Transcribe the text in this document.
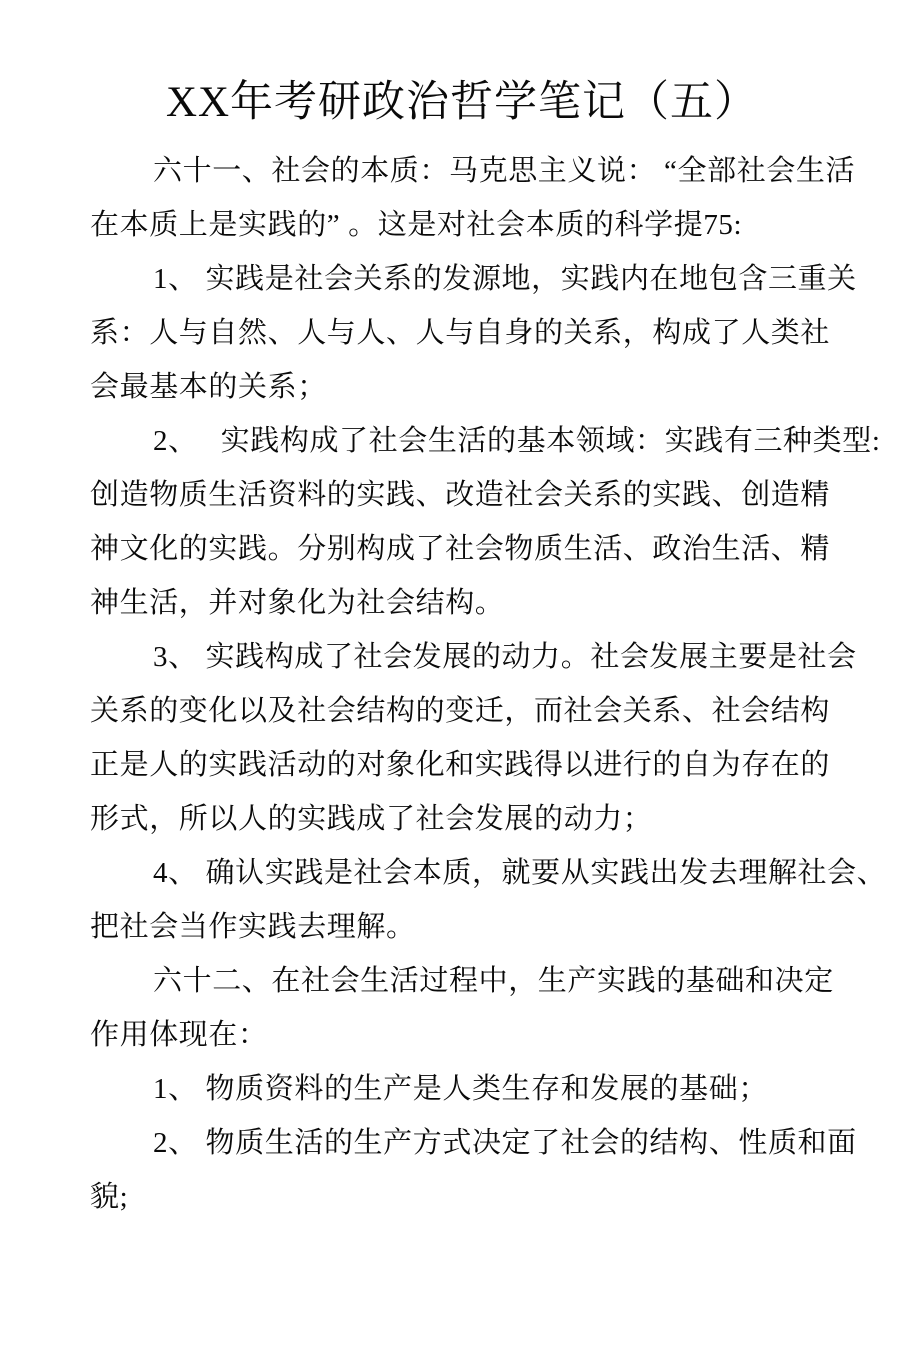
XX年考研政治哲学笔记（五）
六十一、社会的本质：马克思主义说： “全部社会生活
在本质上是实践的” 。这是对社会本质的科学提75:
1、 实践是社会关系的发源地，实践内在地包含三重关
系：人与自然、人与人、人与自身的关系，构成了人类社
会最基本的关系；
2、　 实践构成了社会生活的基本领域：实践有三种类型:
创造物质生活资料的实践、改造社会关系的实践、创造精
神文化的实践。分别构成了社会物质生活、政治生活、精
神生活，并对象化为社会结构。
3、 实践构成了社会发展的动力。社会发展主要是社会
关系的变化以及社会结构的变迁，而社会关系、社会结构
正是人的实践活动的对象化和实践得以进行的自为存在的
形式，所以人的实践成了社会发展的动力；
4、 确认实践是社会本质，就要从实践出发去理解社会、
把社会当作实践去理解。
六十二、在社会生活过程中，生产实践的基础和决定
作用体现在：
1、 物质资料的生产是人类生存和发展的基础；
2、 物质生活的生产方式决定了社会的结构、性质和面
貌;
